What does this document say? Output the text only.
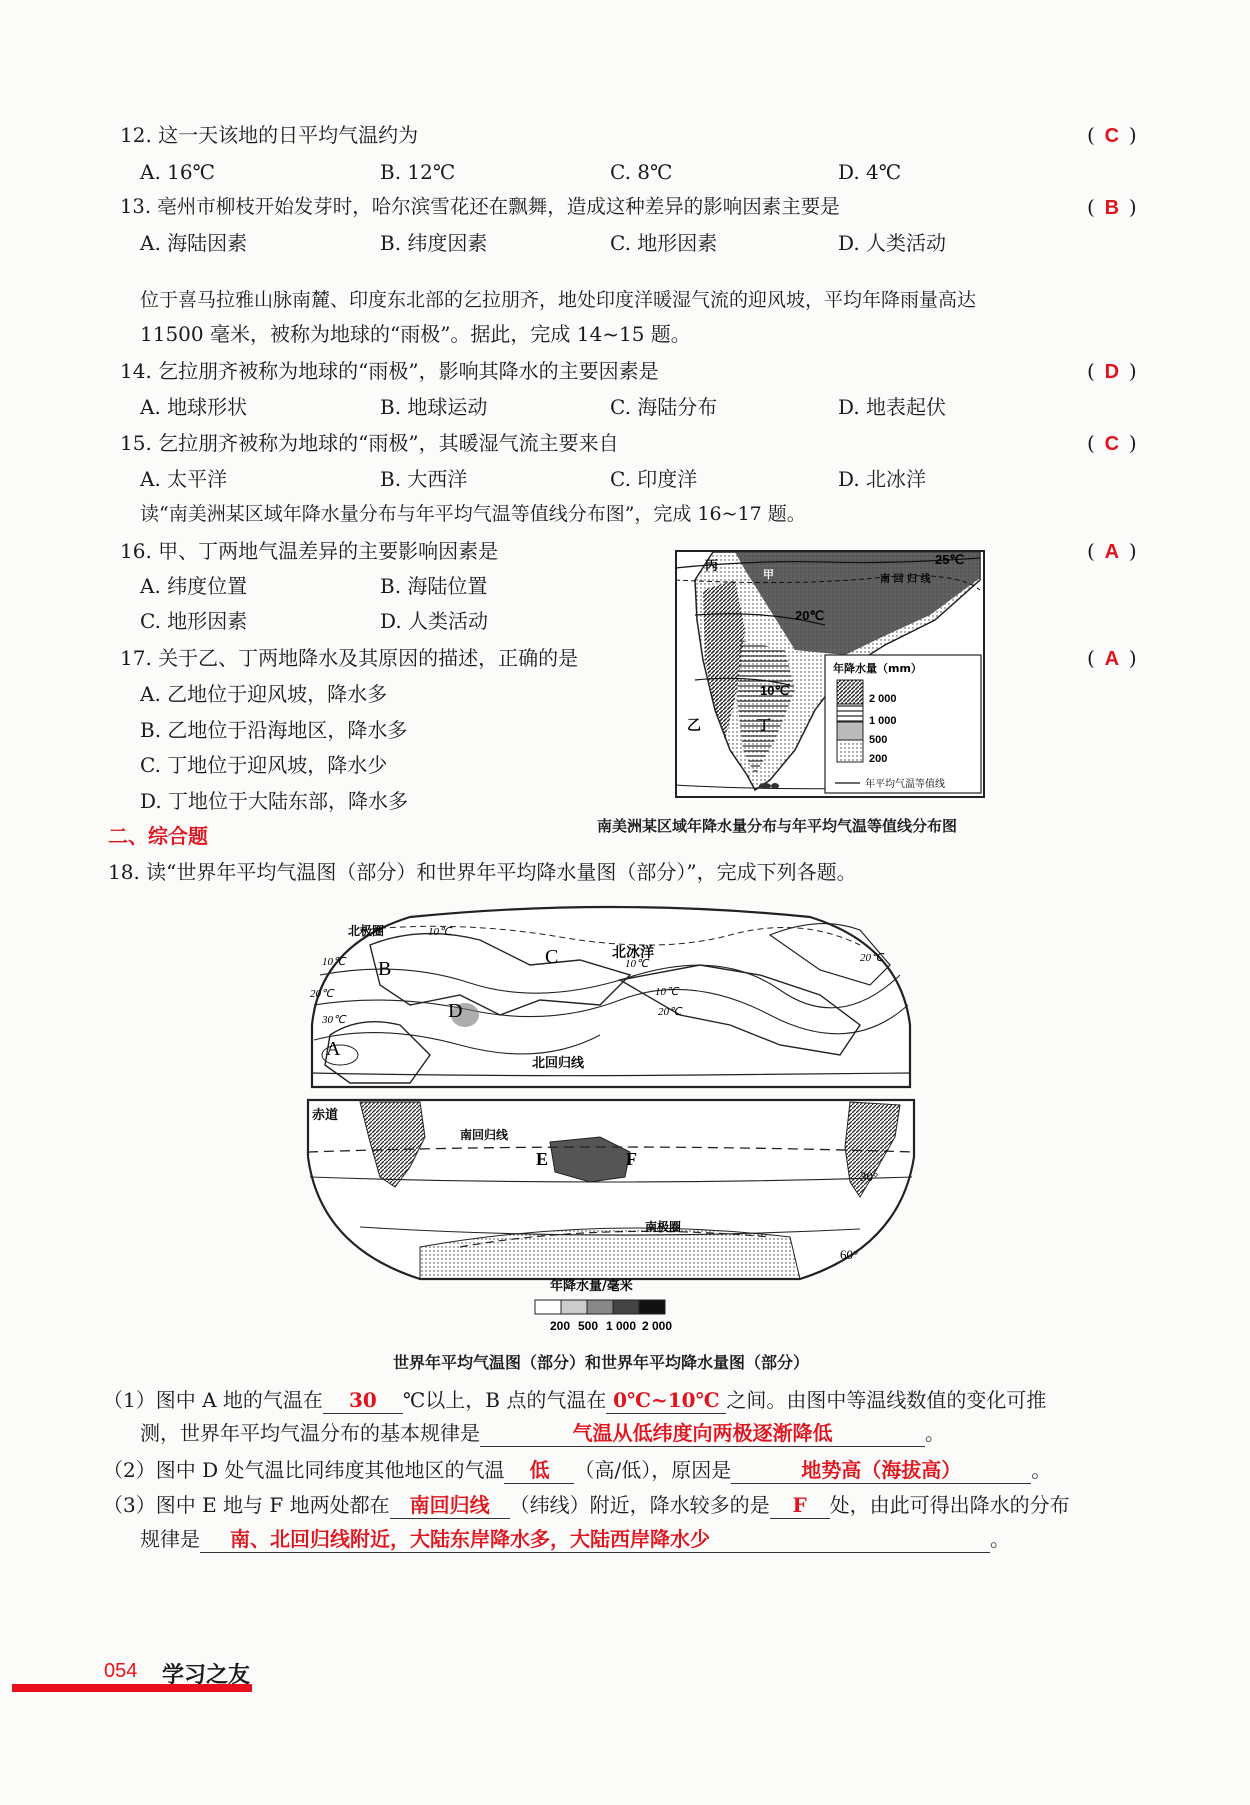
12. 这一天该地的日平均气温约为	( C )
A. 16℃	B. 12℃	C. 8℃	D. 4℃
13. 亳州市柳枝开始发芽时，哈尔滨雪花还在飘舞，造成这种差异的影响因素主要是	( B )
A. 海陆因素	B. 纬度因素	C. 地形因素	D. 人类活动
位于喜马拉雅山脉南麓、印度东北部的乞拉朋齐，地处印度洋暖湿气流的迎风坡，平均年降雨量高达
11500 毫米，被称为地球的“雨极”。据此，完成 14~15 题。
14. 乞拉朋齐被称为地球的“雨极”，影响其降水的主要因素是	( D )
A. 地球形状	B. 地球运动	C. 海陆分布	D. 地表起伏
15. 乞拉朋齐被称为地球的“雨极”，其暖湿气流主要来自	( C )
A. 太平洋	B. 大西洋	C. 印度洋	D. 北冰洋
读“南美洲某区域年降水量分布与年平均气温等值线分布图”，完成 16~17 题。
16. 甲、丁两地气温差异的主要影响因素是	( A )
A. 纬度位置	B. 海陆位置
C. 地形因素	D. 人类活动
17. 关于乙、丁两地降水及其原因的描述，正确的是	( A )
A. 乙地位于迎风坡，降水多
B. 乙地位于沿海地区，降水多
C. 丁地位于迎风坡，降水少
D. 丁地位于大陆东部，降水多
丙	25℃
南 回 归 线
20℃
10℃
乙	丁
甲
年降水量（mm）
2 000
1 000
500
200
年平均气温等值线
南美洲某区域年降水量分布与年平均气温等值线分布图
二、综合题
18. 读“世界年平均气温图（部分）和世界年平均降水量图（部分）”，完成下列各题。
北极圈
北冰洋
北回归线
A
B
C
D
10℃
10℃	10℃
10℃
20℃
20℃
20℃
30℃
赤道
南回归线
E	F
30°
60°
南极圈
年降水量/毫米
200 500 1 000 2 000
世界年平均气温图（部分）和世界年平均降水量图（部分）
（1）图中 A 地的气温在 30 ℃以上，B 点的气温在 0℃~10℃ 之间。由图中等温线数值的变化可推
测，世界年平均气温分布的基本规律是	气温从低纬度向两极逐渐降低	。
（2）图中 D 处气温比同纬度其他地区的气温 低 （高/低），原因是	地势高（海拔高）	。
（3）图中 E 地与 F 地两处都在 南回归线 （纬线）附近，降水较多的是 F 处，由此可得出降水的分布
规律是 南、北回归线附近，大陆东岸降水多，大陆西岸降水少	。
054 学习之友
